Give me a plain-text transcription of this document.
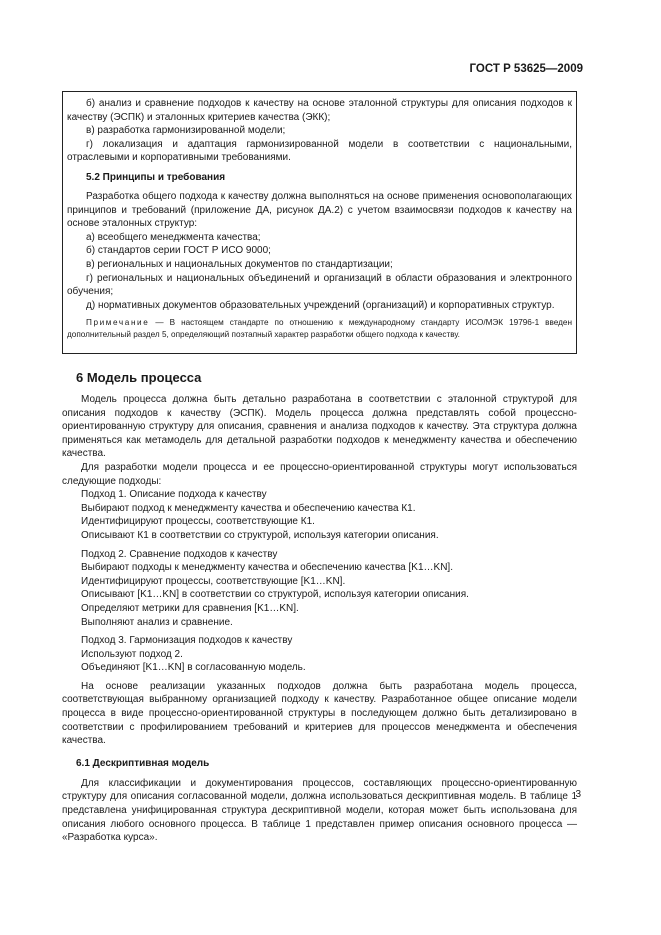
ГОСТ Р 53625—2009

б) анализ и сравнение подходов к качеству на основе эталонной структуры для описания подходов к качеству (ЭСПК) и эталонных критериев качества (ЭКК);

в) разработка гармонизированной модели;

г) локализация и адаптация гармонизированной модели в соответствии с национальными, отраслевыми и корпоративными требованиями.

5.2 Принципы и требования

Разработка общего подхода к качеству должна выполняться на основе применения основополагающих принципов и требований (приложение ДА, рисунок ДА.2) с учетом взаимосвязи подходов к качеству на основе эталонных структур:

а) всеобщего менеджмента качества;

б) стандартов серии ГОСТ Р ИСО 9000;

в) региональных и национальных документов по стандартизации;

г) региональных и национальных объединений и организаций в области образования и электронного обучения;

д) нормативных документов образовательных учреждений (организаций) и корпоративных структур.

Примечание — В настоящем стандарте по отношению к международному стандарту ИСО/МЭК 19796-1 введен дополнительный раздел 5, определяющий поэтапный характер разработки общего подхода к качеству.

6 Модель процесса

Модель процесса должна быть детально разработана в соответствии с эталонной структурой для описания подходов к качеству (ЭСПК). Модель процесса должна представлять собой процессно-ориентированную структуру для описания, сравнения и анализа подходов к качеству. Эта структура должна применяться как метамодель для детальной разработки подходов к менеджменту качества и обеспечению качества.

Для разработки модели процесса и ее процессно-ориентированной структуры могут использоваться следующие подходы:

Подход 1. Описание подхода к качеству

Выбирают подход к менеджменту качества и обеспечению качества К1.

Идентифицируют процессы, соответствующие К1.

Описывают К1 в соответствии со структурой, используя категории описания.

Подход 2. Сравнение подходов к качеству

Выбирают подходы к менеджменту качества и обеспечению качества [K1…KN].

Идентифицируют процессы, соответствующие [K1…KN].

Описывают [K1…KN] в соответствии со структурой, используя категории описания.

Определяют метрики для сравнения [K1…KN].

Выполняют анализ и сравнение.

Подход 3. Гармонизация подходов к качеству

Используют подход 2.

Объединяют [K1…KN] в согласованную модель.

На основе реализации указанных подходов должна быть разработана модель процесса, соответствующая выбранному организацией подходу к качеству. Разработанное общее описание модели процесса в виде процессно-ориентированной структуры в последующем должно быть детализировано в соответствии с профилированием требований и критериев для процессов менеджмента и обеспечения качества.

6.1 Дескриптивная модель

Для классификации и документирования процессов, составляющих процессно-ориентированную структуру для описания согласованной модели, должна использоваться дескриптивная модель. В таблице 1 представлена унифицированная структура дескриптивной модели, которая может быть использована для описания любого основного процесса. В таблице 1 представлен пример описания основного процесса — «Разработка курса».

3
